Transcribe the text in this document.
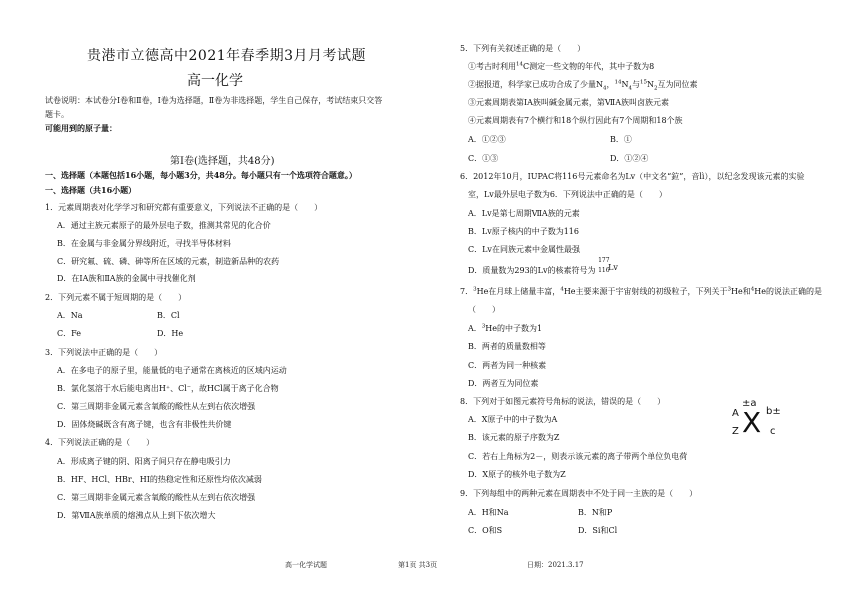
贵港市立德高中2021年春季期3月月考试题
高一化学
试卷说明：本试卷分Ⅰ卷和Ⅱ卷，Ⅰ卷为选择题，Ⅱ卷为非选择题，学生自己保存，考试结束只交答
题卡。
可能用到的原子量：
第Ⅰ卷(选择题，共48分)
一、选择题（本题包括16小题，每小题3分，共48分。每小题只有一个选项符合题意。）
一、选择题（共16小题）
1．元素周期表对化学学习和研究都有重要意义，下列说法不正确的是（　　）
A．通过主族元素原子的最外层电子数，推测其常见的化合价
B．在金属与非金属分界线附近，寻找半导体材料
C．研究氟、硫、磷、砷等所在区域的元素，制造新品种的农药
D．在ⅠA族和ⅡA族的金属中寻找催化剂
2．下列元素不属于短周期的是（　　）
A．Na	B．Cl
C．Fe	D．He
3．下列说法中正确的是（　　）
A．在多电子的原子里，能量低的电子通常在离核近的区域内运动
B．氯化氢溶于水后能电离出H⁺、Cl⁻，故HCl属于离子化合物
C．第三周期非金属元素含氧酸的酸性从左到右依次增强
D．固体烧碱既含有离子键，也含有非极性共价键
4．下列说法正确的是（　　）
A．形成离子键的阴、阳离子间只存在静电吸引力
B．HF、HCl、HBr、HI的热稳定性和还原性均依次减弱
C．第三周期非金属元素含氧酸的酸性从左到右依次增强
D．第ⅦA族单质的熔沸点从上到下依次增大
5．下列有关叙述正确的是（　　）
①考古时利用$^{14}$C测定一些文物的年代，其中子数为8
②据报道，科学家已成功合成了少量$N_4$，$^{14}N_4$与$^{15}N_2$互为同位素
③元素周期表第ⅠA族叫碱金属元素，第ⅦA族叫卤族元素
④元素周期表有7个横行和18个纵行因此有7个周期和18个族
A．①②③	B．①
C．①③	D．①②④
6．2012年10月，IUPAC将116号元素命名为Lv（中文名“鉝”，音lì），以纪念发现该元素的实验
室，Lv最外层电子数为6．下列说法中正确的是（　　）
A．Lv是第七周期ⅦA族的元素
B．Lv原子核内的中子数为116
C．Lv在同族元素中金属性最强
D．质量数为293的Lv的核素符号为
177
116
Lv
7．$^3$He在月球上储量丰富，$^4$He主要来源于宇宙射线的初级粒子，下列关于$^3$He和$^4$He的说法正确的是
（　　）
A．$^3$He的中子数为1
B．两者的质量数相等
C．两者为同一种核素
D．两者互为同位素
8．下列对于如图元素符号角标的说法，错误的是（　　）
A．X原子中的中子数为A
B．该元素的原子序数为Z
C．若右上角标为2－，则表示该元素的离子带两个单位负电荷
D．X原子的核外电子数为Z
±a
A X
Z
b±
c
9．下列每组中的两种元素在周期表中不处于同一主族的是（　　）
A．H和Na	B．N和P
C．O和S	D．Si和Cl
高一化学试题	第1页 共3页	日期：2021.3.17
